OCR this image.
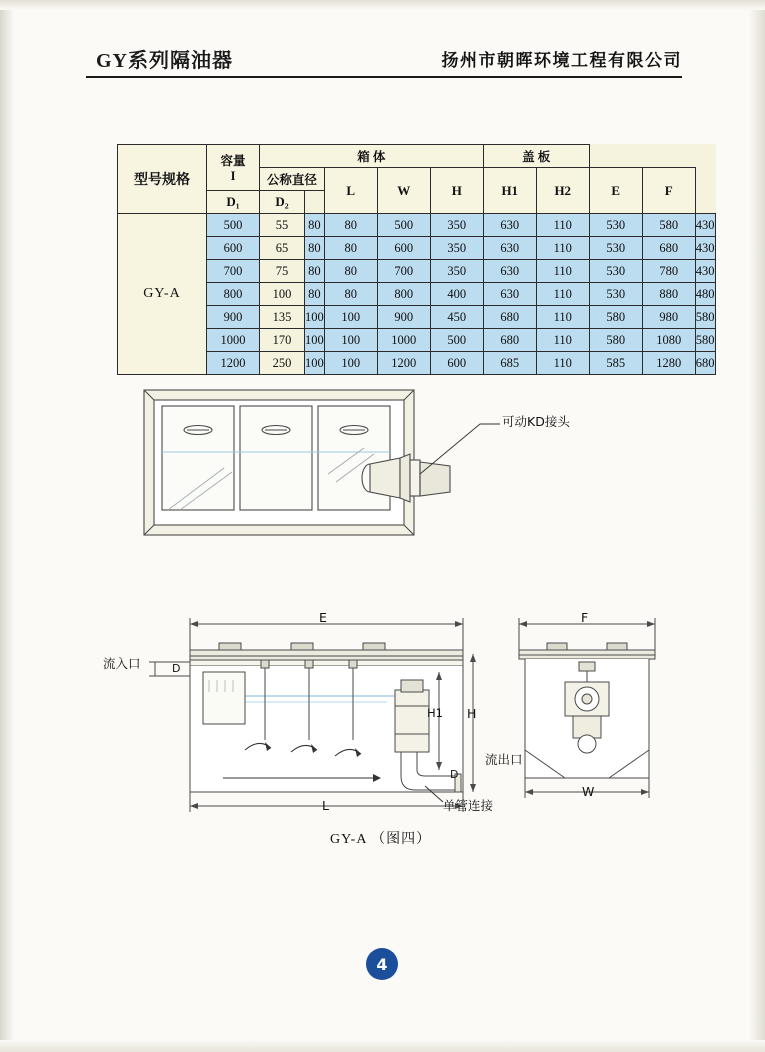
GY系列隔油器	扬州市朝晖环境工程有限公司
型号规格	容量
I	箱 体					盖 板				
		公称直径		L	W	H	H1	H2	E	F	
	D₁	D₂									
GY-A	500	55	80	80	500	350	630	110	530	580	430
	600	65	80	80	600	350	630	110	530	680	430
	700	75	80	80	700	350	630	110	530	780	430
	800	100	80	80	800	400	630	110	530	880	480
	900	135	100	100	900	450	680	110	580	980	580
	1000	170	100	100	1000	500	680	110	580	1080	580
	1200	250	100	100	1200	600	685	110	585	1280	680
可动KD接头
E	F
L
W
H
H1
D
D
流入口
流出口
单管连接
GY-A （图四）
4
